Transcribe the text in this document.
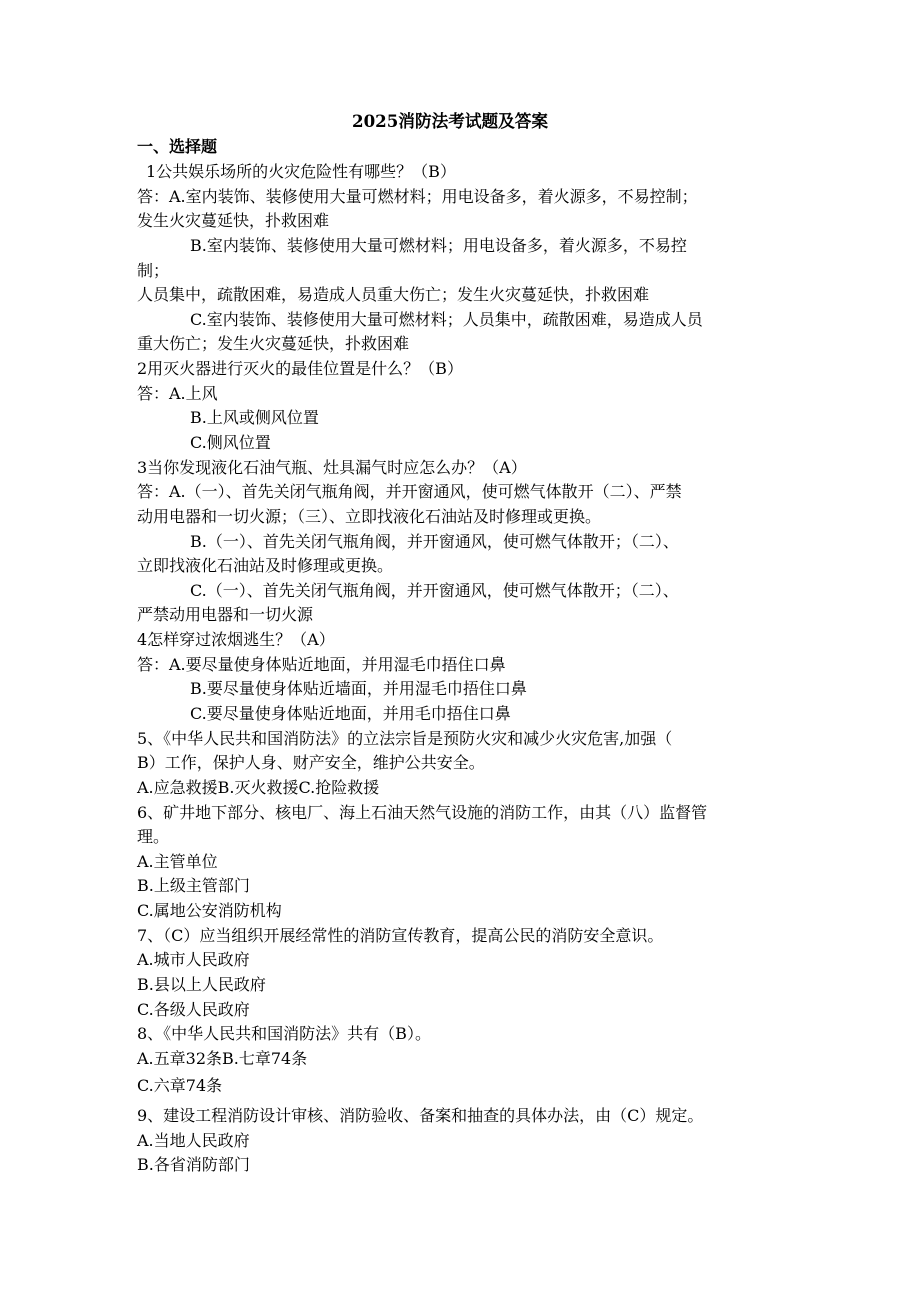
2025消防法考试题及答案
一、选择题
1公共娱乐场所的火灾危险性有哪些？（B）
答：A.室内装饰、装修使用大量可燃材料；用电设备多，着火源多，不易控制；
发生火灾蔓延快，扑救困难
B.室内装饰、装修使用大量可燃材料；用电设备多，着火源多，不易控
制；
人员集中，疏散困难，易造成人员重大伤亡；发生火灾蔓延快，扑救困难
C.室内装饰、装修使用大量可燃材料；人员集中，疏散困难，易造成人员
重大伤亡；发生火灾蔓延快，扑救困难
2用灭火器进行灭火的最佳位置是什么？（B）
答：A.上风
B.上风或侧风位置
C.侧风位置
3当你发现液化石油气瓶、灶具漏气时应怎么办？（A）
答：A.（一）、首先关闭气瓶角阀，并开窗通风，使可燃气体散开（二）、严禁
动用电器和一切火源；（三）、立即找液化石油站及时修理或更换。
B.（一）、首先关闭气瓶角阀，并开窗通风，使可燃气体散开；（二）、
立即找液化石油站及时修理或更换。
C.（一）、首先关闭气瓶角阀，并开窗通风，使可燃气体散开；（二）、
严禁动用电器和一切火源
4怎样穿过浓烟逃生？（A）
答：A.要尽量使身体贴近地面，并用湿毛巾捂住口鼻
B.要尽量使身体贴近墙面，并用湿毛巾捂住口鼻
C.要尽量使身体贴近地面，并用毛巾捂住口鼻
5、《中华人民共和国消防法》的立法宗旨是预防火灾和减少火灾危害,加强（
B）工作，保护人身、财产安全，维护公共安全。
A.应急救援B.灭火救援C.抢险救援
6、矿井地下部分、核电厂、海上石油天然气设施的消防工作，由其（八）监督管
理。
A.主管单位
B.上级主管部门
C.属地公安消防机构
7、（C）应当组织开展经常性的消防宣传教育，提高公民的消防安全意识。
A.城市人民政府
B.县以上人民政府
C.各级人民政府
8、《中华人民共和国消防法》共有（B）。
A.五章32条B.七章74条
C.六章74条
9、建设工程消防设计审核、消防验收、备案和抽查的具体办法，由（C）规定。
A.当地人民政府
B.各省消防部门
